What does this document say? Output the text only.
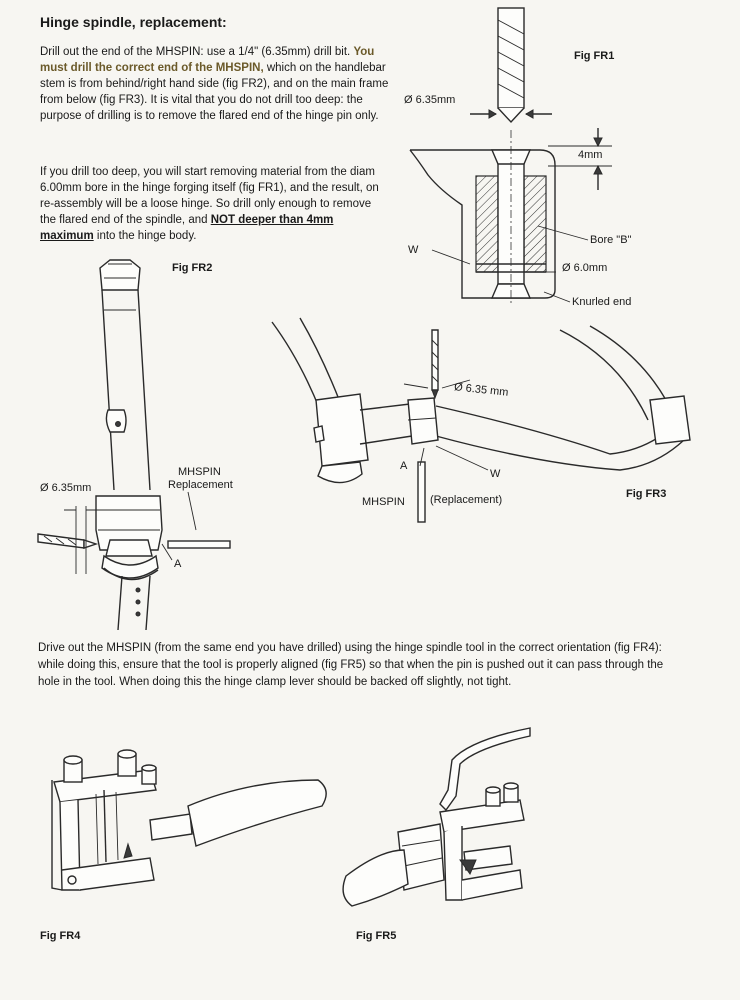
Hinge spindle, replacement:
Drill out the end of the MHSPIN: use a 1/4" (6.35mm) drill bit. You must drill the correct end of the MHSPIN, which on the handlebar stem is from behind/right hand side (fig FR2), and on the main frame from below (fig FR3). It is vital that you do not drill too deep: the purpose of drilling is to remove the flared end of the hinge pin only.
If you drill too deep, you will start removing material from the diam 6.00mm bore in the hinge forging itself (fig FR1), and the result, on re-assembly will be a loose hinge. So drill only enough to remove the flared end of the spindle, and NOT deeper than 4mm maximum into the hinge body.
Drive out the MHSPIN (from the same end you have drilled) using the hinge spindle tool in the correct orientation (fig FR4): while doing this, ensure that the tool is properly aligned (fig FR5) so that when the pin is pushed out it can pass through the hole in the tool. When doing this the hinge clamp lever should be backed off slightly, not tight.
Fig FR1
Ø 6.35mm
4mm
Bore "B"
Ø 6.0mm
Knurled end
W
Fig FR2
Ø 6.35mm
MHSPIN
Replacement
A
Ø 6.35 mm
A
W
MHSPIN (Replacement)	Fig FR3
Fig FR4	Fig FR5
